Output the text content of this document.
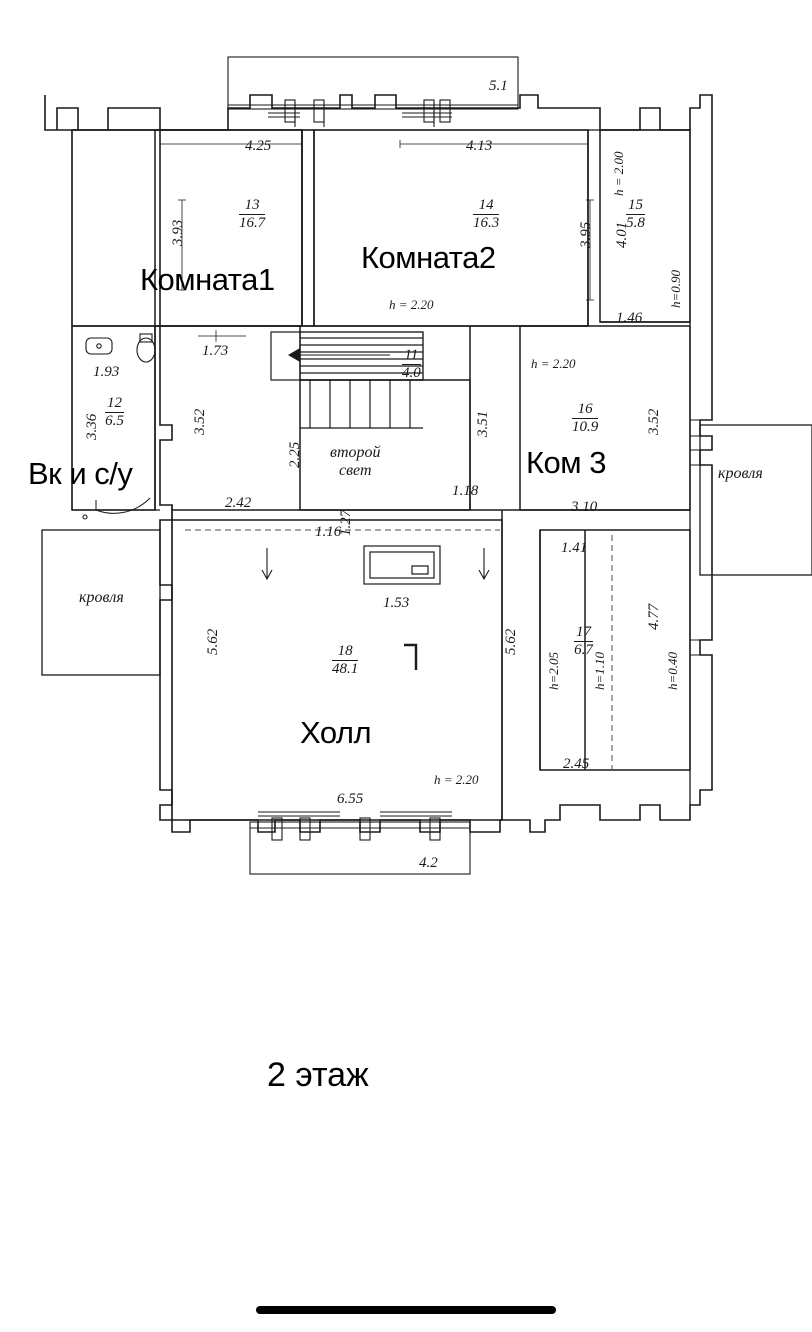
5.1
4.25	4.13
3.93	3.95 4.01
h = 2.00
h=0.90
1.46
h = 2.20
h = 2.20
1.93
1.73
3.36	3.52
2.25
3.51	3.52
2.42
1.18
3.10
1.16
1.27
1.53
1.41
5.62	5.62
4.77
h=2.05 h=1.10	h=0.40
2.45
h = 2.20
6.55
4.2
13
16.7
14
16.3
15
5.8
12
6.5
11
4.0
16
10.9
17
6.7
18
48.1
второй
свет
кровля
кровля
Комната1
Комната2
Вк и с/у	Ком 3
Холл
2 этаж
